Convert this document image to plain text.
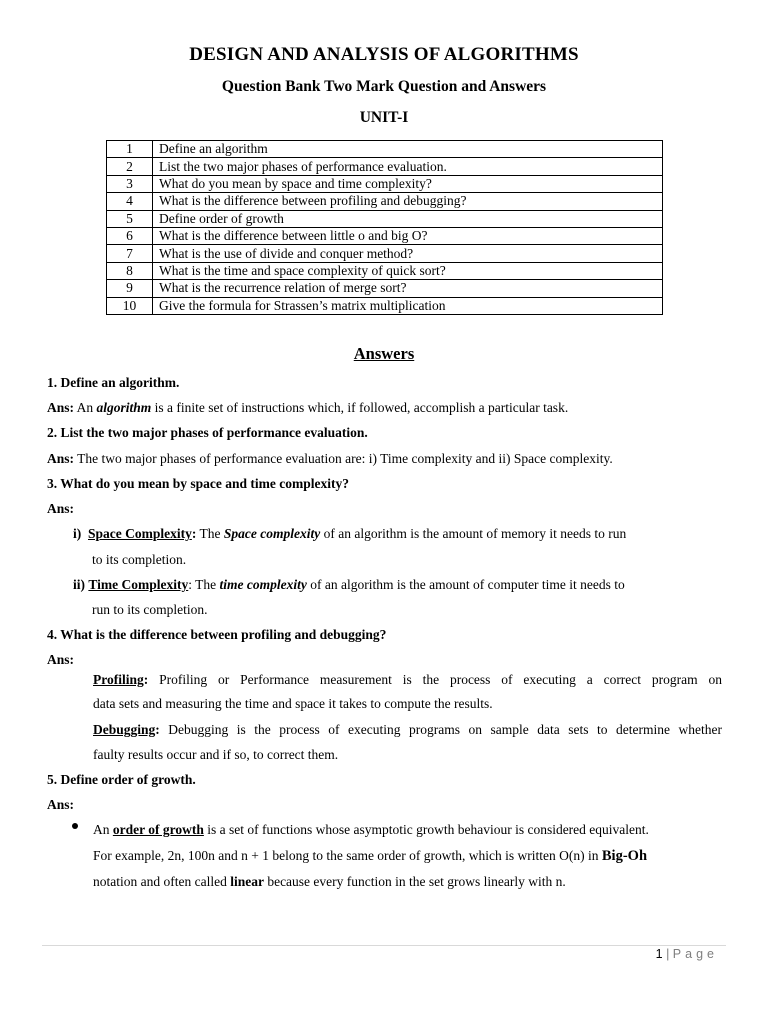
DESIGN AND ANALYSIS OF ALGORITHMS
Question Bank Two Mark Question and Answers
UNIT-I
1	Define an algorithm
2	List the two major phases of performance evaluation.
3	What do you mean by space and time complexity?
4	What is the difference between profiling and debugging?
5	Define order of growth
6	What is the difference between little o and big O?
7	What is the use of divide and conquer method?
8	What is the time and space complexity of quick sort?
9	What is the recurrence relation of merge sort?
10	Give the formula for Strassen’s matrix multiplication
Answers
1. Define an algorithm.
Ans: An algorithm is a finite set of instructions which, if followed, accomplish a particular task.
2. List the two major phases of performance evaluation.
Ans: The two major phases of performance evaluation are: i) Time complexity and ii) Space complexity.
3. What do you mean by space and time complexity?
Ans:
i) Space Complexity: The Space complexity of an algorithm is the amount of memory it needs to run
to its completion.
ii) Time Complexity: The time complexity of an algorithm is the amount of computer time it needs to
run to its completion.
4. What is the difference between profiling and debugging?
Ans:
Profiling: Profiling or Performance measurement is the process of executing a correct program on
data sets and measuring the time and space it takes to compute the results.
Debugging: Debugging is the process of executing programs on sample data sets to determine whether
faulty results occur and if so, to correct them.
5. Define order of growth.
Ans:
An order of growth is a set of functions whose asymptotic growth behaviour is considered equivalent.
For example, 2n, 100n and n + 1 belong to the same order of growth, which is written O(n) in Big-Oh
notation and often called linear because every function in the set grows linearly with n.
1 | Page
